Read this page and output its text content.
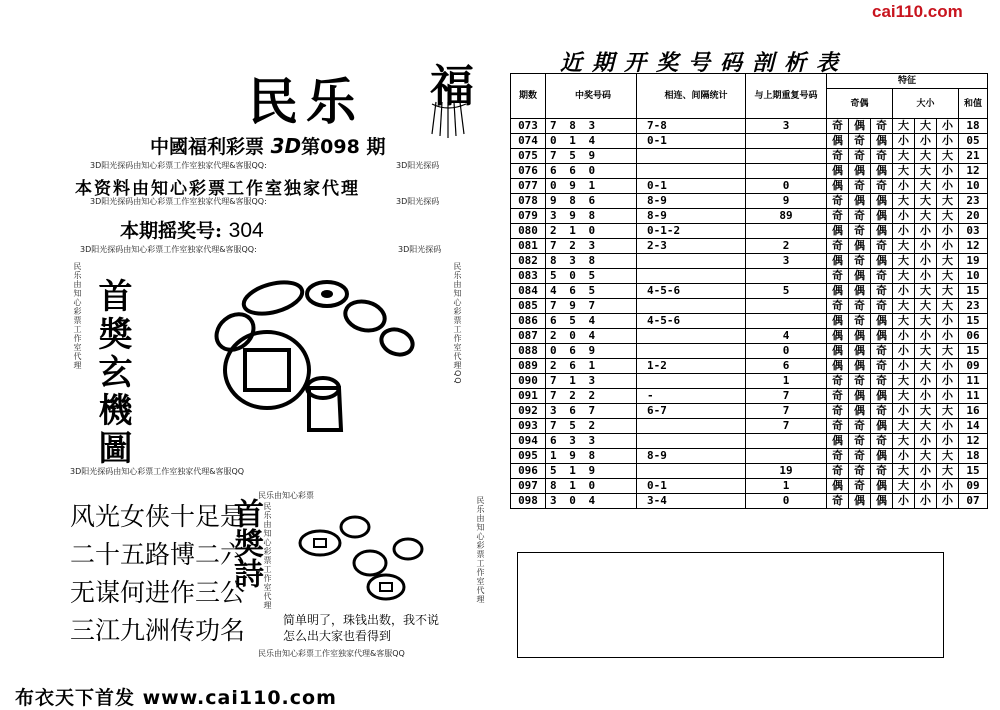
cai110.com
民乐 福
中國福利彩票 3D第098 期
3D阳光探码由知心彩票工作室独家代理&客服QQ:	3D阳光探码
本资料由知心彩票工作室独家代理
3D阳光探码由知心彩票工作室独家代理&客服QQ:	3D阳光探码
本期摇奖号: 304
3D阳光探码由知心彩票工作室独家代理&客服QQ:	3D阳光探码
民乐由知心彩票工作室代理	民乐由知心彩票工作室代理QQ
首奬玄機圖
3D阳光探码由知心彩票工作室独家代理&客服QQ
民乐由知心彩票
风光女侠十足是
二十五路博二六
无谋何进作三公
三江九洲传功名
首奬詩 民乐由知心彩票工作室代理	民乐由知心彩票工作室代理
简单明了，珠钱出数，我不说
怎么出大家也看得到
民乐由知心彩票工作室独家代理&客服QQ
近期开奖号码剖析表
期数	中奖号码	相连、间隔统计	与上期重复号码	特征						
				奇偶			大小			和值

073	7 8 3	7-8	3	奇	偶	奇	大	大	小	18
074	0 1 4	0-1		偶	奇	偶	小	小	小	05
075	7 5 9			奇	奇	奇	大	大	大	21
076	6 6 0			偶	偶	偶	大	大	小	12
077	0 9 1	0-1	0	偶	奇	奇	小	大	小	10
078	9 8 6	8-9	9	奇	偶	偶	大	大	大	23
079	3 9 8	8-9	89	奇	奇	偶	小	大	大	20
080	2 1 0	0-1-2		偶	奇	偶	小	小	小	03
081	7 2 3	2-3	2	奇	偶	奇	大	小	小	12
082	8 3 8		3	偶	奇	偶	大	小	大	19
083	5 0 5			奇	偶	奇	大	小	大	10
084	4 6 5	4-5-6	5	偶	偶	奇	小	大	大	15
085	7 9 7			奇	奇	奇	大	大	大	23
086	6 5 4	4-5-6		偶	奇	偶	大	大	小	15
087	2 0 4		4	偶	偶	偶	小	小	小	06
088	0 6 9		0	偶	偶	奇	小	大	大	15
089	2 6 1	1-2	6	偶	偶	奇	小	大	小	09
090	7 1 3		1	奇	奇	奇	大	小	小	11
091	7 2 2	-	7	奇	偶	偶	大	小	小	11
092	3 6 7	6-7	7	奇	偶	奇	小	大	大	16
093	7 5 2		7	奇	奇	偶	大	大	小	14
094	6 3 3			偶	奇	奇	大	小	小	12
095	1 9 8	8-9		奇	奇	偶	小	大	大	18
096	5 1 9		19	奇	奇	奇	大	小	大	15
097	8 1 0	0-1	1	偶	奇	偶	大	小	小	09
098	3 0 4	3-4	0	奇	偶	偶	小	小	小	07
布衣天下首发 www.cai110.com
